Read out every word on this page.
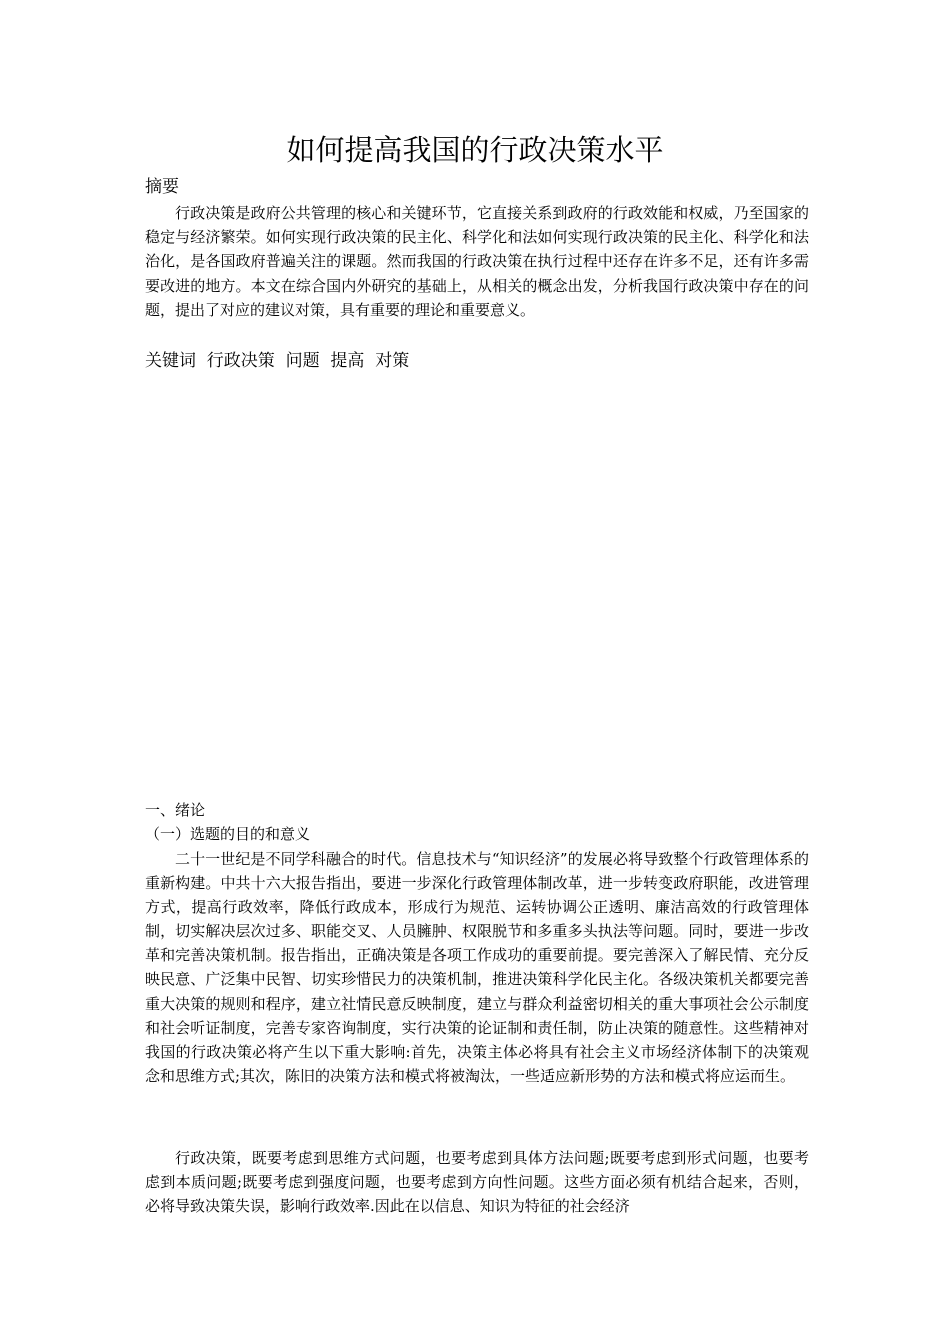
如何提高我国的行政决策水平
摘要

行政决策是政府公共管理的核心和关键环节，它直接关系到政府的行政效能和权威，乃至国家的稳定与经济繁荣。如何实现行政决策的民主化、科学化和法如何实现行政决策的民主化、科学化和法治化，是各国政府普遍关注的课题。然而我国的行政决策在执行过程中还存在许多不足，还有许多需要改进的地方。本文在综合国内外研究的基础上，从相关的概念出发，分析我国行政决策中存在的问题，提出了对应的建议对策，具有重要的理论和重要意义。

关键词  行政决策  问题  提高  对策

一、绪论
（一）选题的目的和意义

二十一世纪是不同学科融合的时代。信息技术与“知识经济”的发展必将导致整个行政管理体系的重新构建。中共十六大报告指出，要进一步深化行政管理体制改革，进一步转变政府职能，改进管理方式，提高行政效率，降低行政成本，形成行为规范、运转协调公正透明、廉洁高效的行政管理体制，切实解决层次过多、职能交叉、人员臃肿、权限脱节和多重多头执法等问题。同时，要进一步改革和完善决策机制。报告指出，正确决策是各项工作成功的重要前提。要完善深入了解民情、充分反映民意、广泛集中民智、切实珍惜民力的决策机制，推进决策科学化民主化。各级决策机关都要完善重大决策的规则和程序，建立社情民意反映制度，建立与群众利益密切相关的重大事项社会公示制度和社会听证制度，完善专家咨询制度，实行决策的论证制和责任制，防止决策的随意性。这些精神对我国的行政决策必将产生以下重大影响:首先，决策主体必将具有社会主义市场经济体制下的决策观念和思维方式;其次，陈旧的决策方法和模式将被淘汰，一些适应新形势的方法和模式将应运而生。

行政决策，既要考虑到思维方式问题，也要考虑到具体方法问题;既要考虑到形式问题，也要考虑到本质问题;既要考虑到强度问题，也要考虑到方向性问题。这些方面必须有机结合起来，否则，必将导致决策失误，影响行政效率.因此在以信息、知识为特征的社会经济
